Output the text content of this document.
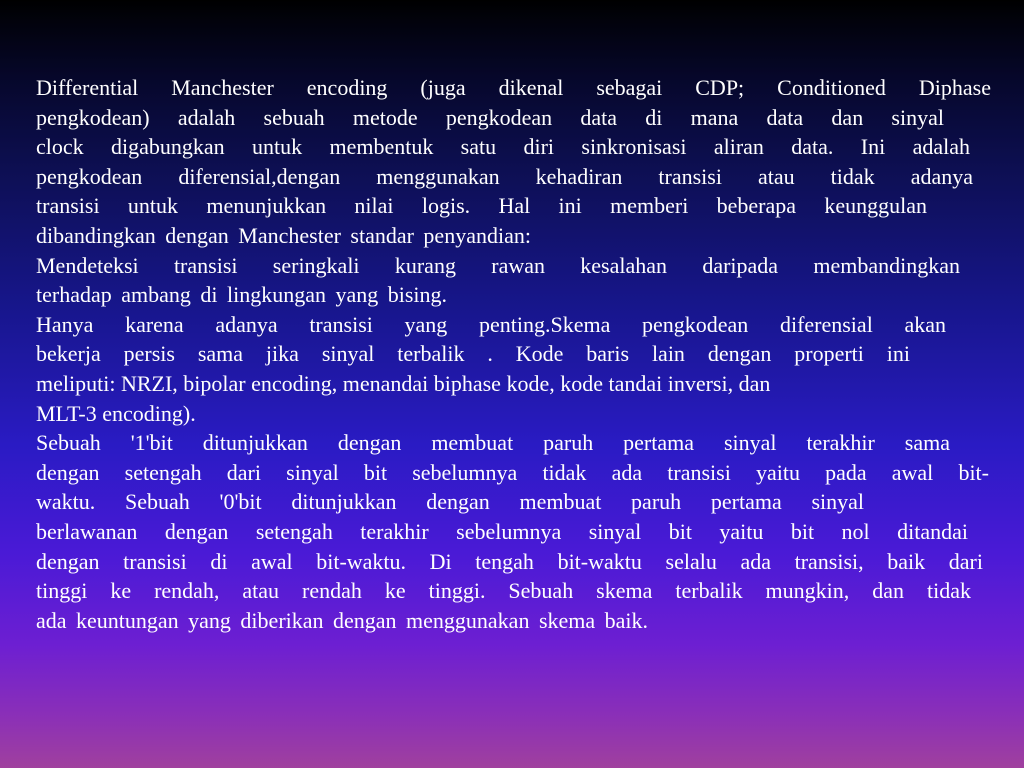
Differential Manchester encoding (juga dikenal sebagai CDP; Conditioned Diphase
pengkodean) adalah sebuah metode pengkodean data di mana data dan sinyal
clock digabungkan untuk membentuk satu diri sinkronisasi aliran data. Ini adalah
pengkodean diferensial,dengan menggunakan kehadiran transisi atau tidak adanya
transisi untuk menunjukkan nilai logis. Hal ini memberi beberapa keunggulan
dibandingkan dengan Manchester standar penyandian:
Mendeteksi transisi seringkali kurang rawan kesalahan daripada membandingkan
terhadap ambang di lingkungan yang bising.
Hanya karena adanya transisi yang penting.Skema pengkodean diferensial akan
bekerja persis sama jika sinyal terbalik . Kode baris lain dengan properti ini
meliputi: NRZI, bipolar encoding, menandai biphase kode, kode tandai inversi, dan
MLT-3 encoding).
Sebuah '1'bit ditunjukkan dengan membuat paruh pertama sinyal terakhir sama
dengan setengah dari sinyal bit sebelumnya tidak ada transisi yaitu pada awal bit-
waktu. Sebuah '0'bit ditunjukkan dengan membuat paruh pertama sinyal
berlawanan dengan setengah terakhir sebelumnya sinyal bit yaitu bit nol ditandai
dengan transisi di awal bit-waktu. Di tengah bit-waktu selalu ada transisi, baik dari
tinggi ke rendah, atau rendah ke tinggi. Sebuah skema terbalik mungkin, dan tidak
ada keuntungan yang diberikan dengan menggunakan skema baik.
